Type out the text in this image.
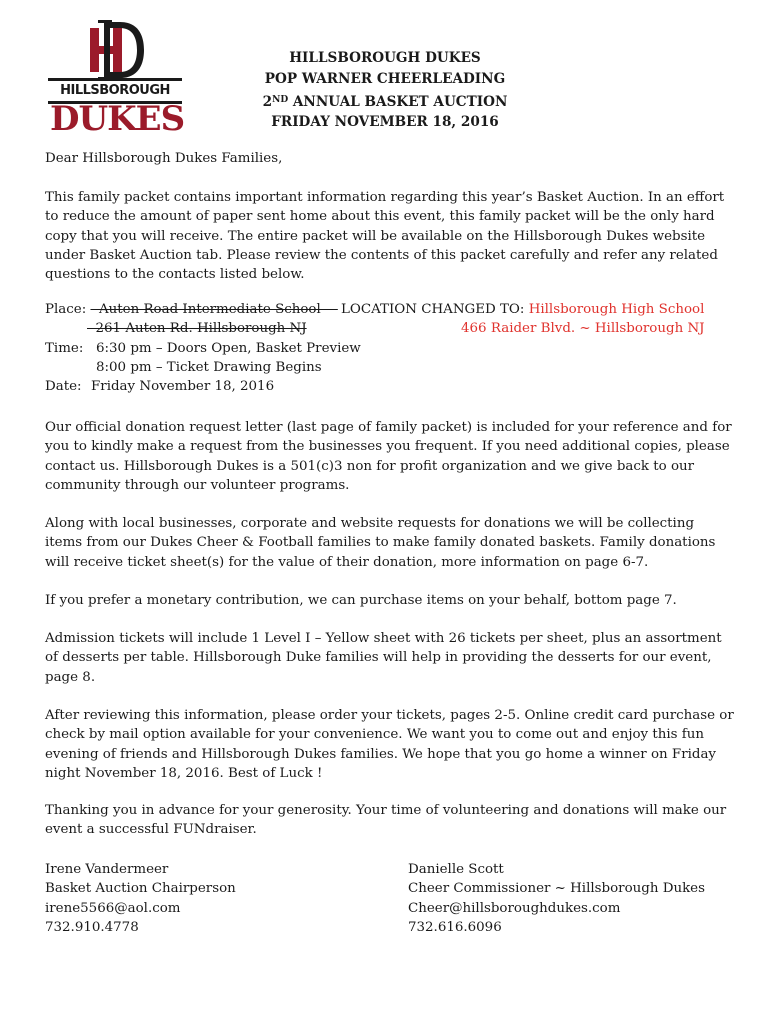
HILLSBOROUGH
DUKES
HILLSBOROUGH DUKES
POP WARNER CHEERLEADING
2ND ANNUAL BASKET AUCTION
FRIDAY NOVEMBER 18, 2016
Dear Hillsborough Dukes Families,
This family packet contains important information regarding this year’s Basket Auction. In an effort to reduce the amount of paper sent home about this event, this family packet will be the only hard copy that you will receive. The entire packet will be available on the Hillsborough Dukes website under Basket Auction tab. Please review the contents of this packet carefully and refer any related questions to the contacts listed below.
Place:   Auten Road Intermediate School LOCATION CHANGED TO: Hillsborough High School
261 Auten Rd. Hillsborough NJ	466 Raider Blvd. ~ Hillsborough NJ
Time: 6:30 pm – Doors Open, Basket Preview
8:00 pm – Ticket Drawing Begins
Date: Friday November 18, 2016
Our official donation request letter (last page of family packet) is included for your reference and for you to kindly make a request from the businesses you frequent. If you need additional copies, please contact us. Hillsborough Dukes is a 501(c)3 non for profit organization and we give back to our community through our volunteer programs.
Along with local businesses, corporate and website requests for donations we will be collecting items from our Dukes Cheer & Football families to make family donated baskets. Family donations will receive ticket sheet(s) for the value of their donation, more information on page 6-7.
If you prefer a monetary contribution, we can purchase items on your behalf, bottom page 7.
Admission tickets will include 1 Level I – Yellow sheet with 26 tickets per sheet, plus an assortment of desserts per table. Hillsborough Duke families will help in providing the desserts for our event, page 8.
After reviewing this information, please order your tickets, pages 2-5. Online credit card purchase or check by mail option available for your convenience. We want you to come out and enjoy this fun evening of friends and Hillsborough Dukes families. We hope that you go home a winner on Friday night November 18, 2016. Best of Luck !
Thanking you in advance for your generosity. Your time of volunteering and donations will make our event a successful FUNdraiser.
Irene Vandermeer
Basket Auction Chairperson
irene5566@aol.com
732.910.4778
Danielle Scott
Cheer Commissioner ~ Hillsborough Dukes
Cheer@hillsboroughdukes.com
732.616.6096
